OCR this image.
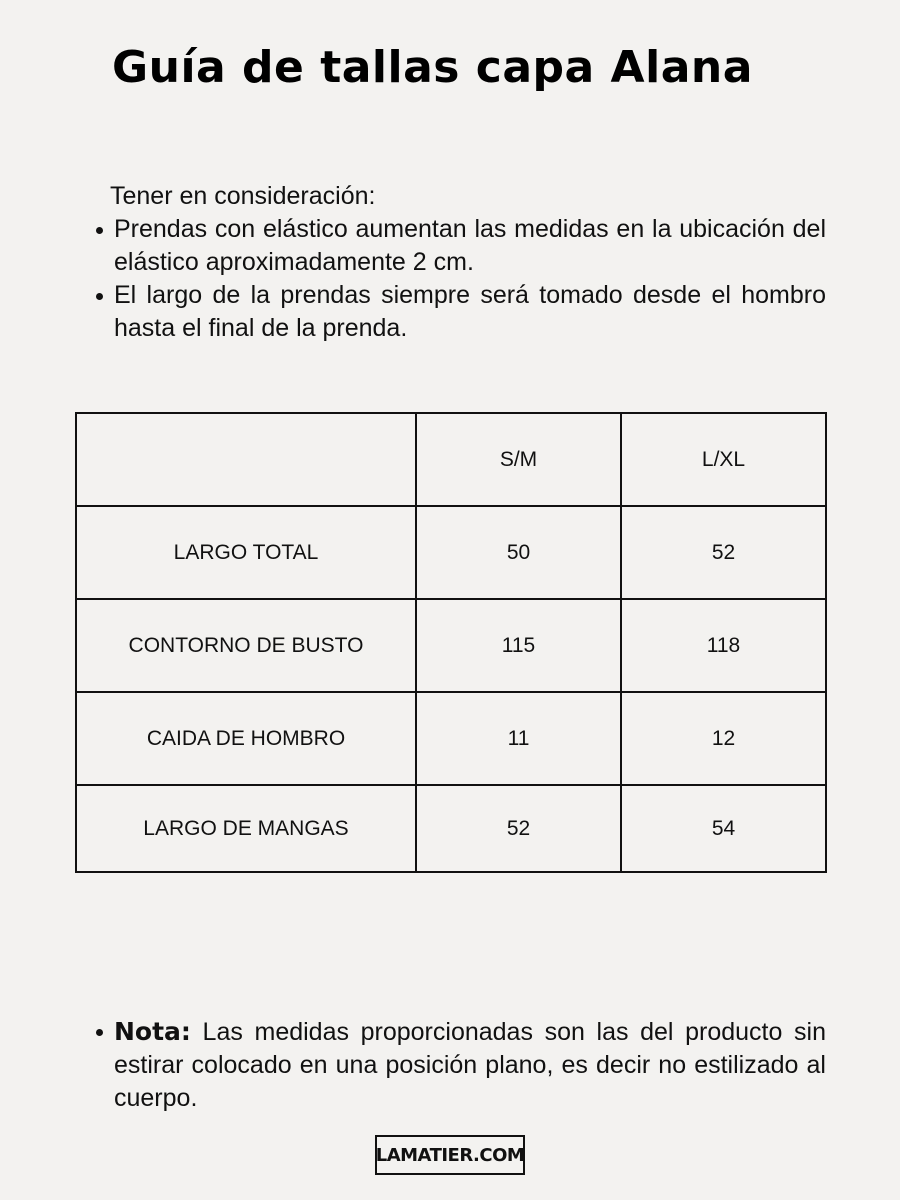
Guía de tallas capa Alana

Tener en consideración:

Prendas con elástico aumentan las medidas en la ubicación del elástico aproximadamente 2 cm.
El largo de la prendas siempre será tomado desde el hombro hasta el final de la prenda.
	S/M	L/XL
LARGO TOTAL	50	52
CONTORNO DE BUSTO	115	118
CAIDA DE HOMBRO	11	12
LARGO DE MANGAS	52	54
Nota: Las medidas proporcionadas son las del producto sin estirar colocado en una posición plano, es decir no estilizado al cuerpo.
LAMATIER.COM
